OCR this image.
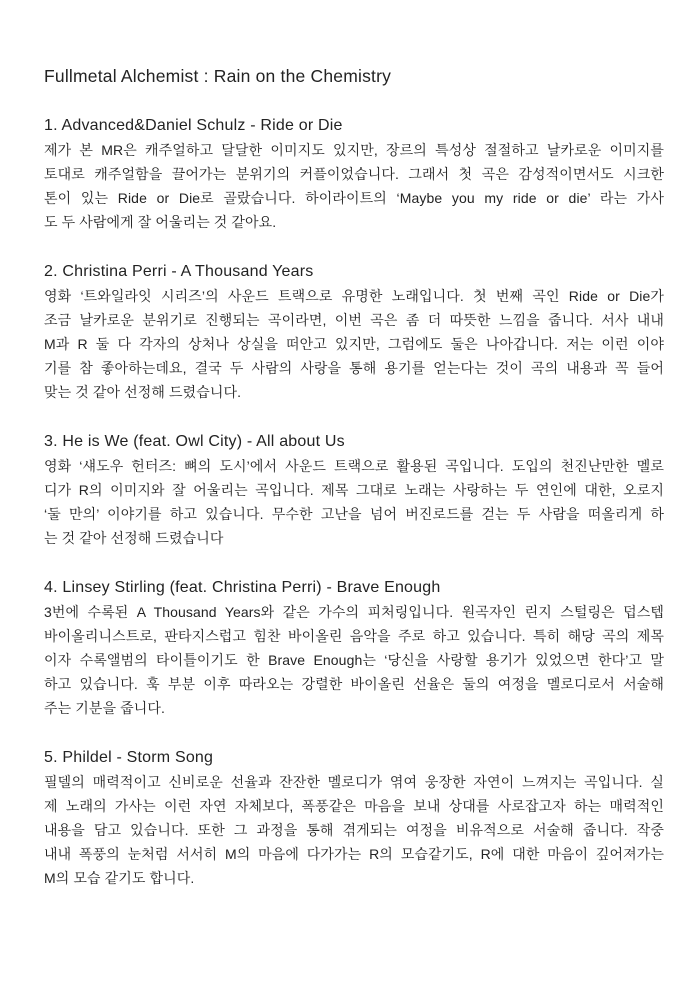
Fullmetal Alchemist : Rain on the Chemistry
1. Advanced&Daniel Schulz - Ride or Die
제가 본 MR은 캐주얼하고 달달한 이미지도 있지만, 장르의 특성상 절절하고 날카로운 이미지를
토대로 캐주얼함을 끌어가는 분위기의 커플이었습니다. 그래서 첫 곡은 감성적이면서도 시크한
톤이 있는 Ride or Die로 골랐습니다. 하이라이트의 ‘Maybe you my ride or die’ 라는 가사
도 두 사람에게 잘 어울리는 것 같아요.
2. Christina Perri - A Thousand Years
영화 ‘트와일라잇 시리즈’의 사운드 트랙으로 유명한 노래입니다. 첫 번째 곡인 Ride or Die가
조금 날카로운 분위기로 진행되는 곡이라면, 이번 곡은 좀 더 따뜻한 느낌을 줍니다. 서사 내내
M과 R 둘 다 각자의 상처나 상실을 떠안고 있지만, 그럼에도 둘은 나아갑니다. 저는 이런 이야
기를 참 좋아하는데요, 결국 두 사람의 사랑을 통해 용기를 얻는다는 것이 곡의 내용과 꼭 들어
맞는 것 같아 선정해 드렸습니다.
3. He is We (feat. Owl City) - All about Us
영화 ‘섀도우 헌터즈: 뼈의 도시’에서 사운드 트랙으로 활용된 곡입니다. 도입의 천진난만한 멜로
디가 R의 이미지와 잘 어울리는 곡입니다. 제목 그대로 노래는 사랑하는 두 연인에 대한, 오로지
‘둘 만의’ 이야기를 하고 있습니다. 무수한 고난을 넘어 버진로드를 걷는 두 사람을 떠올리게 하
는 것 같아 선정해 드렸습니다
4. Linsey Stirling (feat. Christina Perri) - Brave Enough
3번에 수록된 A Thousand Years와 같은 가수의 피처링입니다. 원곡자인 린지 스털링은 덥스텝
바이올리니스트로, 판타지스럽고 힘찬 바이올린 음악을 주로 하고 있습니다. 특히 해당 곡의 제목
이자 수록앨범의 타이틀이기도 한 Brave Enough는 ‘당신을 사랑할 용기가 있었으면 한다’고 말
하고 있습니다. 훅 부분 이후 따라오는 강렬한 바이올린 선율은 둘의 여정을 멜로디로서 서술해
주는 기분을 줍니다.
5. Phildel - Storm Song
필델의 매력적이고 신비로운 선율과 잔잔한 멜로디가 엮여 웅장한 자연이 느껴지는 곡입니다. 실
제 노래의 가사는 이런 자연 자체보다, 폭풍같은 마음을 보내 상대를 사로잡고자 하는 매력적인
내용을 담고 있습니다. 또한 그 과정을 통해 겪게되는 여정을 비유적으로 서술해 줍니다. 작중
내내 폭풍의 눈처럼 서서히 M의 마음에 다가가는 R의 모습같기도, R에 대한 마음이 깊어져가는
M의 모습 같기도 합니다.
